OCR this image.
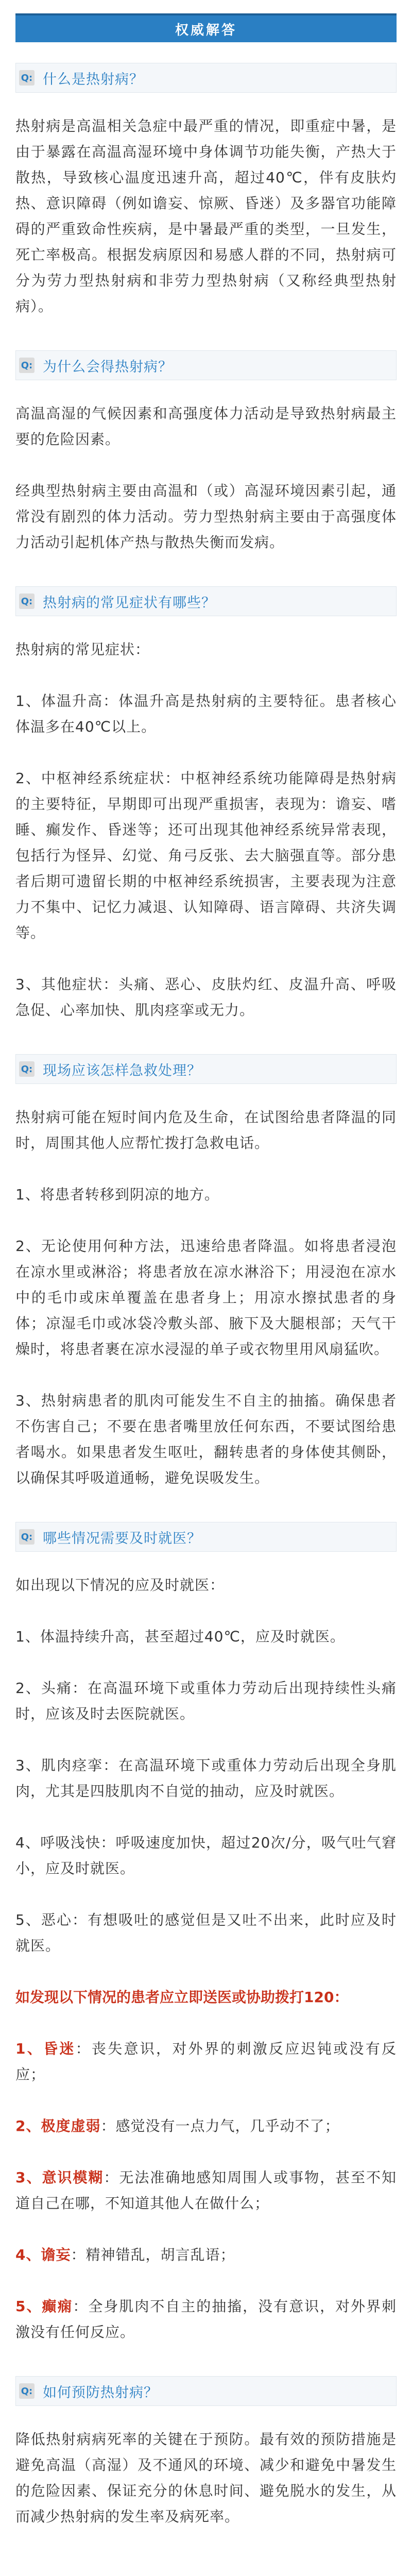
权威解答
Q: 什么是热射病？

热射病是高温相关急症中最严重的情况，即重症中暑，是由于暴露在高温高湿环境中身体调节功能失衡，产热大于散热，导致核心温度迅速升高，超过40℃，伴有皮肤灼热、意识障碍（例如谵妄、惊厥、昏迷）及多器官功能障碍的严重致命性疾病，是中暑最严重的类型，一旦发生，死亡率极高。根据发病原因和易感人群的不同，热射病可分为劳力型热射病和非劳力型热射病（又称经典型热射病）。

Q: 为什么会得热射病？

高温高湿的气候因素和高强度体力活动是导致热射病最主要的危险因素。

经典型热射病主要由高温和（或）高湿环境因素引起，通常没有剧烈的体力活动。劳力型热射病主要由于高强度体力活动引起机体产热与散热失衡而发病。

Q: 热射病的常见症状有哪些？

热射病的常见症状：

1、体温升高：体温升高是热射病的主要特征。患者核心体温多在40℃以上。

2、中枢神经系统症状：中枢神经系统功能障碍是热射病的主要特征，早期即可出现严重损害，表现为：谵妄、嗜睡、癫发作、昏迷等；还可出现其他神经系统异常表现，包括行为怪异、幻觉、角弓反张、去大脑强直等。部分患者后期可遗留长期的中枢神经系统损害，主要表现为注意力不集中、记忆力减退、认知障碍、语言障碍、共济失调等。

3、其他症状：头痛、恶心、皮肤灼红、皮温升高、呼吸急促、心率加快、肌肉痉挛或无力。

Q: 现场应该怎样急救处理？

热射病可能在短时间内危及生命，在试图给患者降温的同时，周围其他人应帮忙拨打急救电话。

1、将患者转移到阴凉的地方。

2、无论使用何种方法，迅速给患者降温。如将患者浸泡在凉水里或淋浴；将患者放在凉水淋浴下；用浸泡在凉水中的毛巾或床单覆盖在患者身上；用凉水擦拭患者的身体；凉湿毛巾或冰袋冷敷头部、腋下及大腿根部；天气干燥时，将患者裹在凉水浸湿的单子或衣物里用风扇猛吹。

3、热射病患者的肌肉可能发生不自主的抽搐。确保患者不伤害自己；不要在患者嘴里放任何东西，不要试图给患者喝水。如果患者发生呕吐，翻转患者的身体使其侧卧，以确保其呼吸道通畅，避免误吸发生。

Q: 哪些情况需要及时就医？

如出现以下情况的应及时就医：

1、体温持续升高，甚至超过40℃，应及时就医。

2、头痛：在高温环境下或重体力劳动后出现持续性头痛时，应该及时去医院就医。

3、肌肉痉挛：在高温环境下或重体力劳动后出现全身肌肉，尤其是四肢肌肉不自觉的抽动，应及时就医。

4、呼吸浅快：呼吸速度加快，超过20次/分，吸气吐气窘小，应及时就医。

5、恶心：有想吸吐的感觉但是又吐不出来，此时应及时就医。

如发现以下情况的患者应立即送医或协助拨打120：

1、昏迷：丧失意识，对外界的刺激反应迟钝或没有反应；

2、极度虚弱：感觉没有一点力气，几乎动不了；

3、意识模糊：无法准确地感知周围人或事物，甚至不知道自己在哪，不知道其他人在做什么；

4、谵妄：精神错乱，胡言乱语；

5、癫痫：全身肌肉不自主的抽搐，没有意识，对外界刺激没有任何反应。

Q: 如何预防热射病？

降低热射病病死率的关键在于预防。最有效的预防措施是避免高温（高湿）及不通风的环境、减少和避免中暑发生的危险因素、保证充分的休息时间、避免脱水的发生，从而减少热射病的发生率及病死率。
